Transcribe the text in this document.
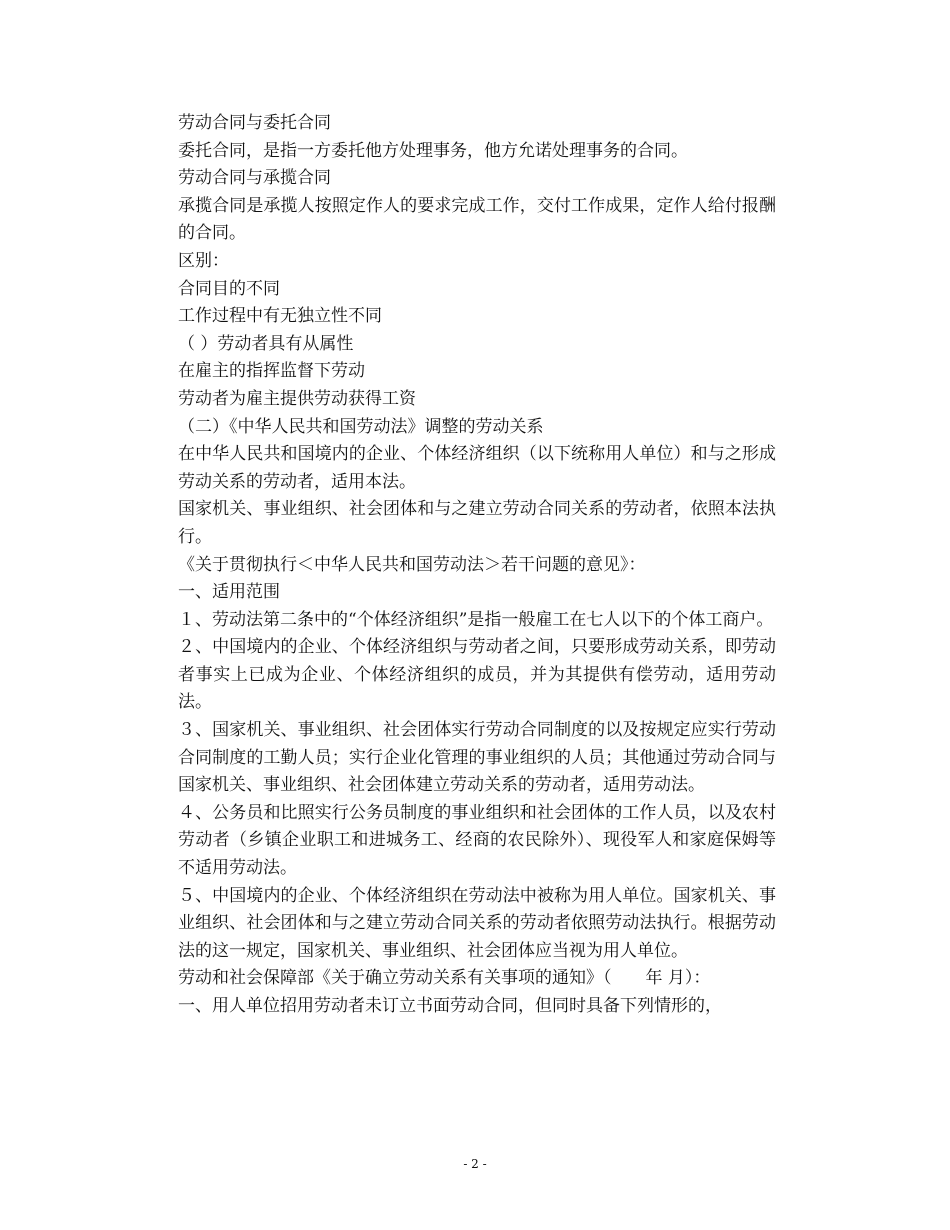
劳动合同与委托合同

委托合同，是指一方委托他方处理事务，他方允诺处理事务的合同。

劳动合同与承揽合同

承揽合同是承揽人按照定作人的要求完成工作，交付工作成果，定作人给付报酬的合同。

区别：

合同目的不同

工作过程中有无独立性不同

（ ）劳动者具有从属性

在雇主的指挥监督下劳动

劳动者为雇主提供劳动获得工资

（二）《中华人民共和国劳动法》调整的劳动关系

在中华人民共和国境内的企业、个体经济组织（以下统称用人单位）和与之形成劳动关系的劳动者，适用本法。

国家机关、事业组织、社会团体和与之建立劳动合同关系的劳动者，依照本法执行。

《关于贯彻执行＜中华人民共和国劳动法＞若干问题的意见》：

一、适用范围

１、劳动法第二条中的“个体经济组织”是指一般雇工在七人以下的个体工商户。

２、中国境内的企业、个体经济组织与劳动者之间，只要形成劳动关系，即劳动者事实上已成为企业、个体经济组织的成员，并为其提供有偿劳动，适用劳动法。

３、国家机关、事业组织、社会团体实行劳动合同制度的以及按规定应实行劳动合同制度的工勤人员；实行企业化管理的事业组织的人员；其他通过劳动合同与国家机关、事业组织、社会团体建立劳动关系的劳动者，适用劳动法。

４、公务员和比照实行公务员制度的事业组织和社会团体的工作人员，以及农村劳动者（乡镇企业职工和进城务工、经商的农民除外）、现役军人和家庭保姆等不适用劳动法。

５、中国境内的企业、个体经济组织在劳动法中被称为用人单位。国家机关、事业组织、社会团体和与之建立劳动合同关系的劳动者依照劳动法执行。根据劳动法的这一规定，国家机关、事业组织、社会团体应当视为用人单位。

劳动和社会保障部《关于确立劳动关系有关事项的通知》（　　年 月）：

一、用人单位招用劳动者未订立书面劳动合同，但同时具备下列情形的，

- 2 -
